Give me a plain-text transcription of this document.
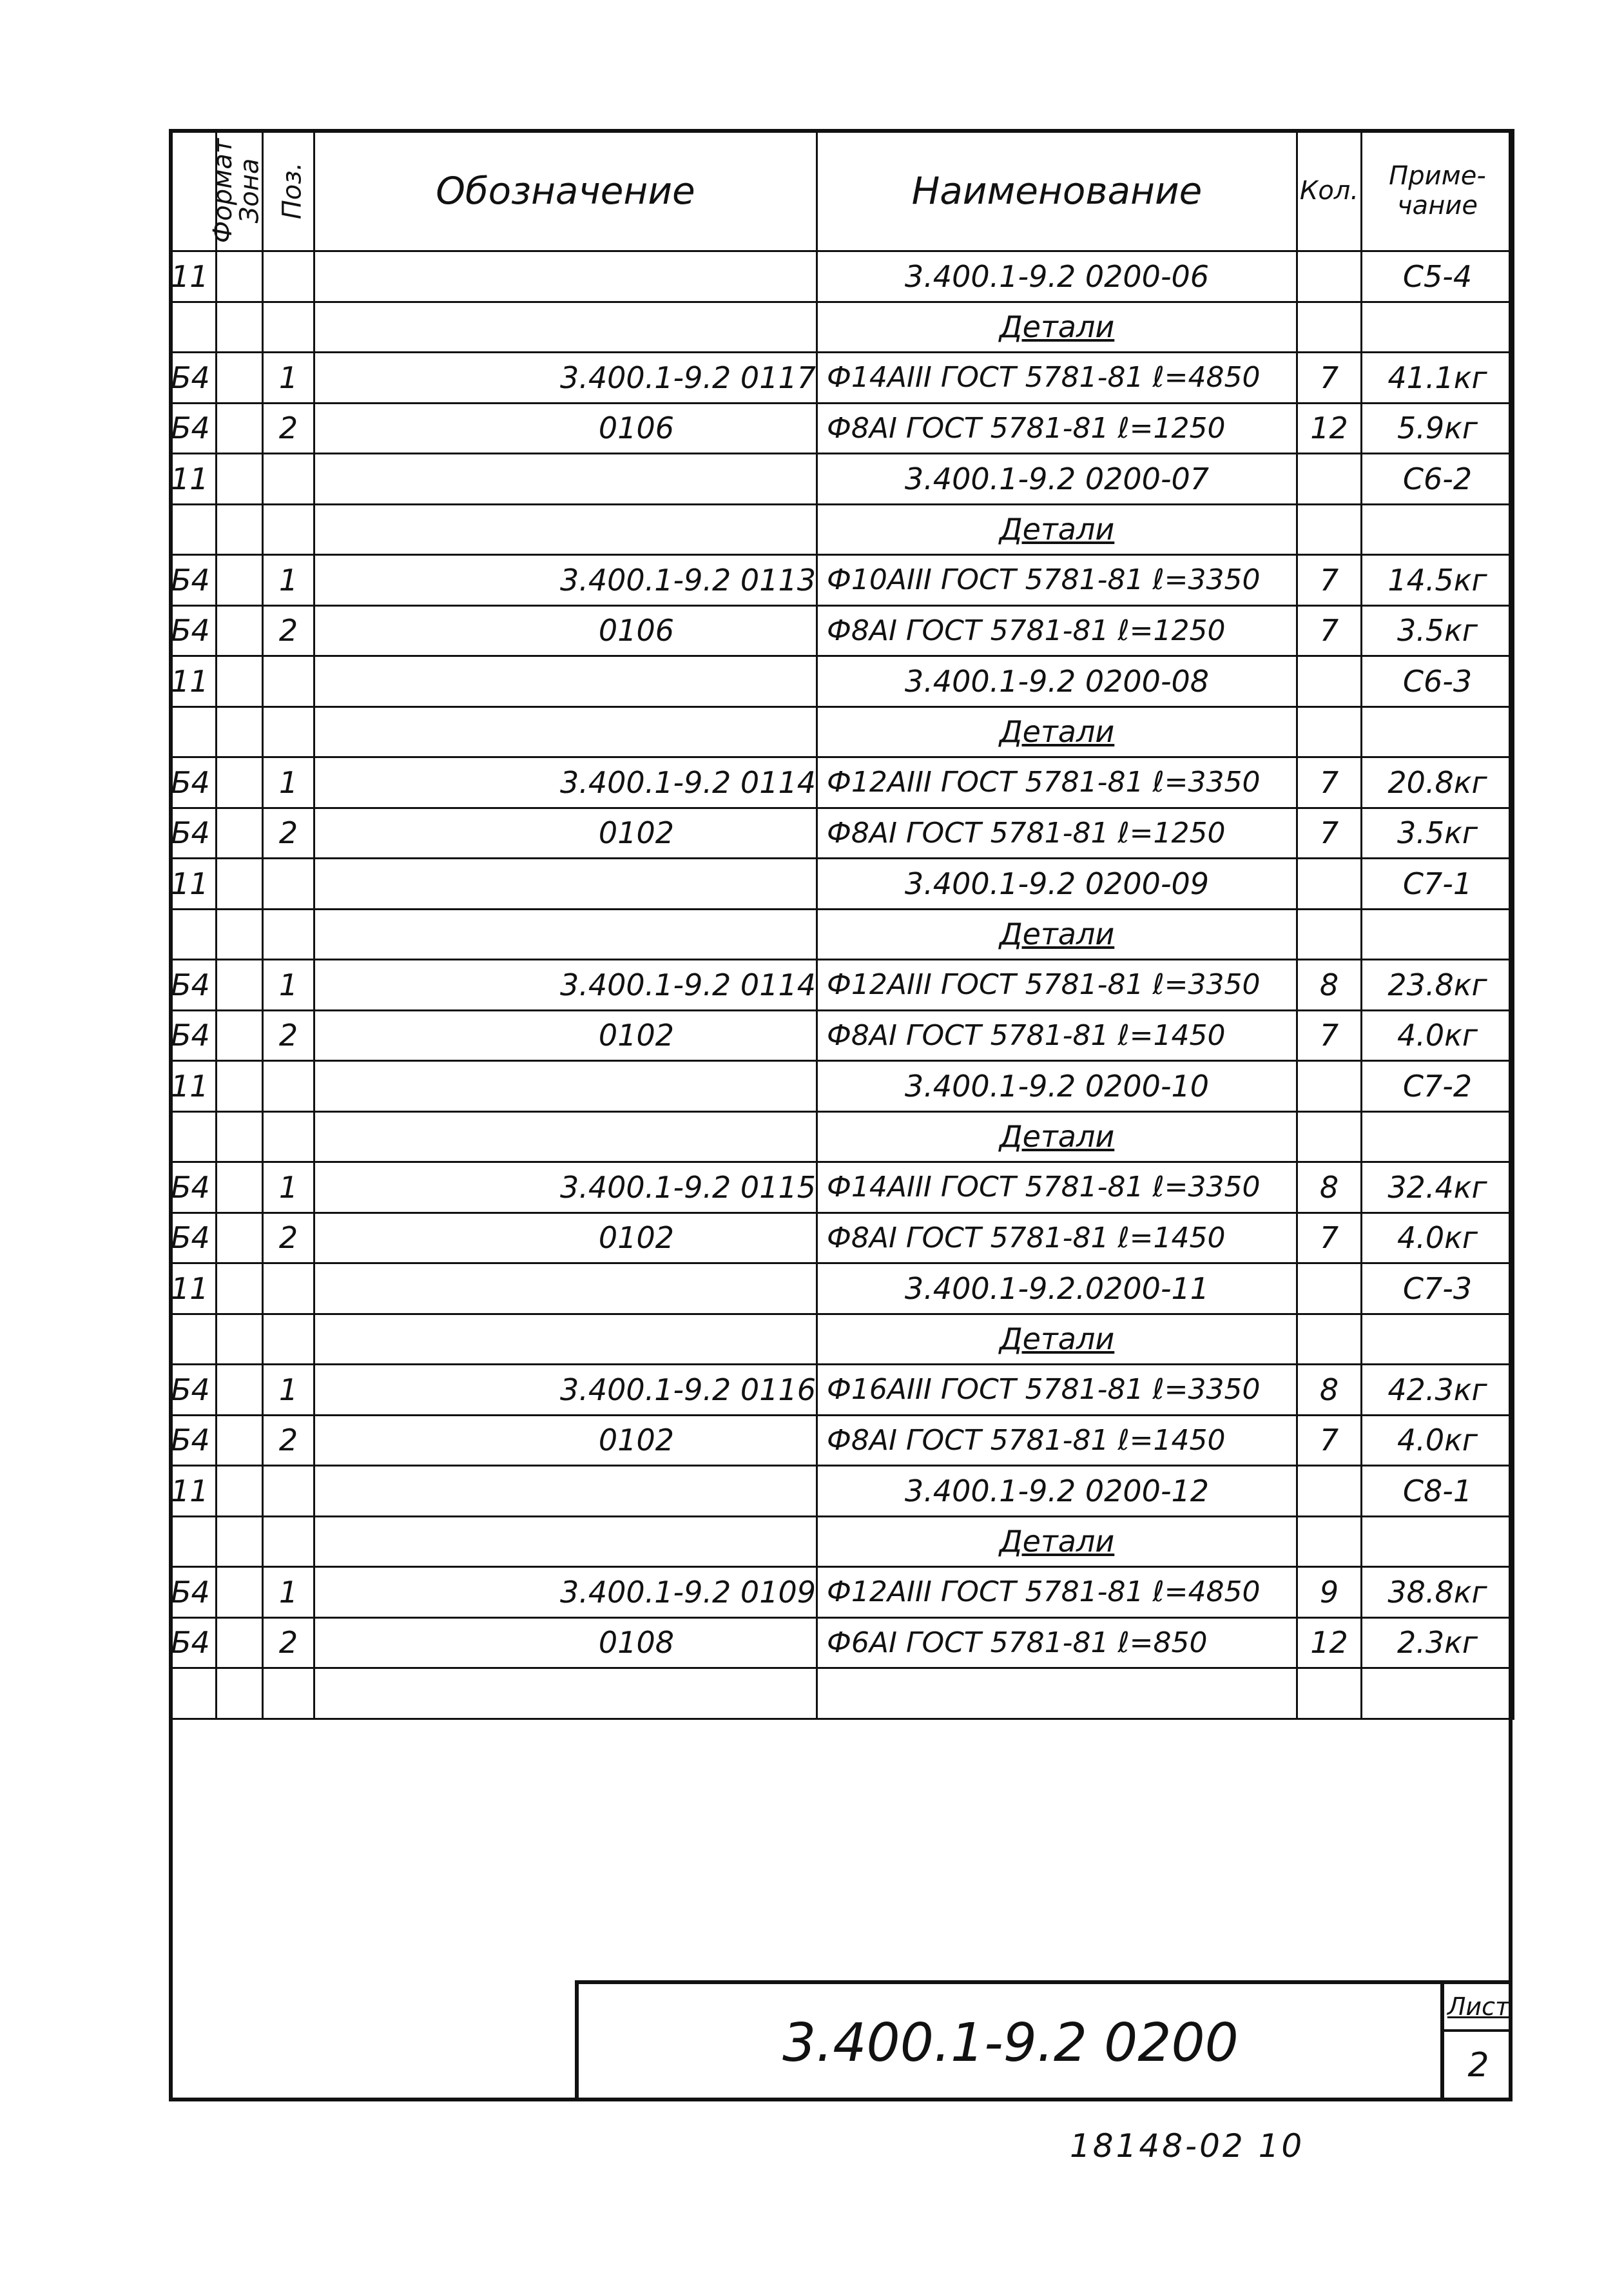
Формат	Зона	Поз.	Обозначение	Наименование	Кол.	Приме-
чание
11				3.400.1-9.2 0200-06		С5-4
				Детали		
Б4		1	3.400.1-9.2 0117	Ф14АIII ГОСТ 5781-81 ℓ=4850	7	41.1кг
Б4		2	0106	Ф8АI ГОСТ 5781-81 ℓ=1250	12	5.9кг
11				3.400.1-9.2 0200-07		С6-2
				Детали		
Б4		1	3.400.1-9.2 0113	Ф10АIII ГОСТ 5781-81 ℓ=3350	7	14.5кг
Б4		2	0106	Ф8АI ГОСТ 5781-81 ℓ=1250	7	3.5кг
11				3.400.1-9.2 0200-08		С6-3
				Детали		
Б4		1	3.400.1-9.2 0114	Ф12АIII ГОСТ 5781-81 ℓ=3350	7	20.8кг
Б4		2	0102	Ф8АI ГОСТ 5781-81 ℓ=1250	7	3.5кг
11				3.400.1-9.2 0200-09		С7-1
				Детали		
Б4		1	3.400.1-9.2 0114	Ф12АIII ГОСТ 5781-81 ℓ=3350	8	23.8кг
Б4		2	0102	Ф8АI ГОСТ 5781-81 ℓ=1450	7	4.0кг
11				3.400.1-9.2 0200-10		С7-2
				Детали		
Б4		1	3.400.1-9.2 0115	Ф14АIII ГОСТ 5781-81 ℓ=3350	8	32.4кг
Б4		2	0102	Ф8АI ГОСТ 5781-81 ℓ=1450	7	4.0кг
11				3.400.1-9.2.0200-11		С7-3
				Детали		
Б4		1	3.400.1-9.2 0116	Ф16АIII ГОСТ 5781-81 ℓ=3350	8	42.3кг
Б4		2	0102	Ф8АI ГОСТ 5781-81 ℓ=1450	7	4.0кг
11				3.400.1-9.2 0200-12		С8-1
				Детали		
Б4		1	3.400.1-9.2 0109	Ф12АIII ГОСТ 5781-81 ℓ=4850	9	38.8кг
Б4		2	0108	Ф6АI ГОСТ 5781-81 ℓ=850	12	2.3кг

3.400.1-9.2 0200
Лист
2
18148-02 10
